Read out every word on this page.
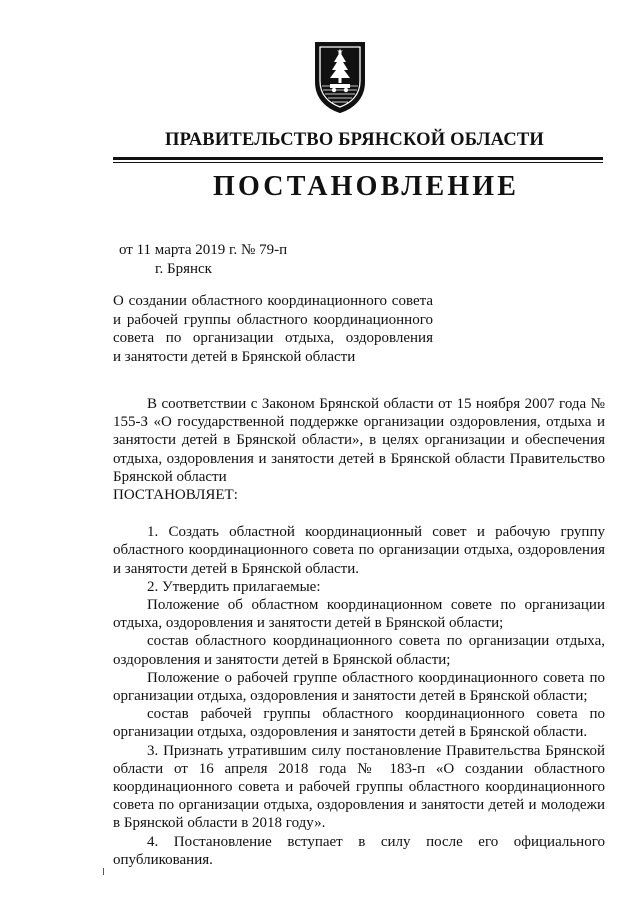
ПРАВИТЕЛЬСТВО БРЯНСКОЙ ОБЛАСТИ
ПОСТАНОВЛЕНИЕ
от 11 марта 2019 г. № 79-п
г. Брянск
О создании областного координационного совета
и рабочей группы областного координационного
совета по организации отдыха, оздоровления
и занятости детей в Брянской области

В соответствии с Законом Брянской области от 15 ноября 2007 года № 155-З «О государственной поддержке организации оздоровления, отдыха и занятости детей в Брянской области», в целях организации и обеспечения отдыха, оздоровления и занятости детей в Брянской области Правительство Брянской области

ПОСТАНОВЛЯЕТ:

1. Создать областной координационный совет и рабочую группу областного координационного совета по организации отдыха, оздоровления и занятости детей в Брянской области.

2. Утвердить прилагаемые:

Положение об областном координационном совете по организации отдыха, оздоровления и занятости детей в Брянской области;

состав областного координационного совета по организации отдыха, оздоровления и занятости детей в Брянской области;

Положение о рабочей группе областного координационного совета по организации отдыха, оздоровления и занятости детей в Брянской области;

состав рабочей группы областного координационного совета по организации отдыха, оздоровления и занятости детей в Брянской области.

3. Признать утратившим силу постановление Правительства Брянской области от 16 апреля 2018 года № 183-п «О создании областного координационного совета и рабочей группы областного координационного совета по организации отдыха, оздоровления и занятости детей и молодежи в Брянской области в 2018 году».

4. Постановление вступает в силу после его официального опубликования.
